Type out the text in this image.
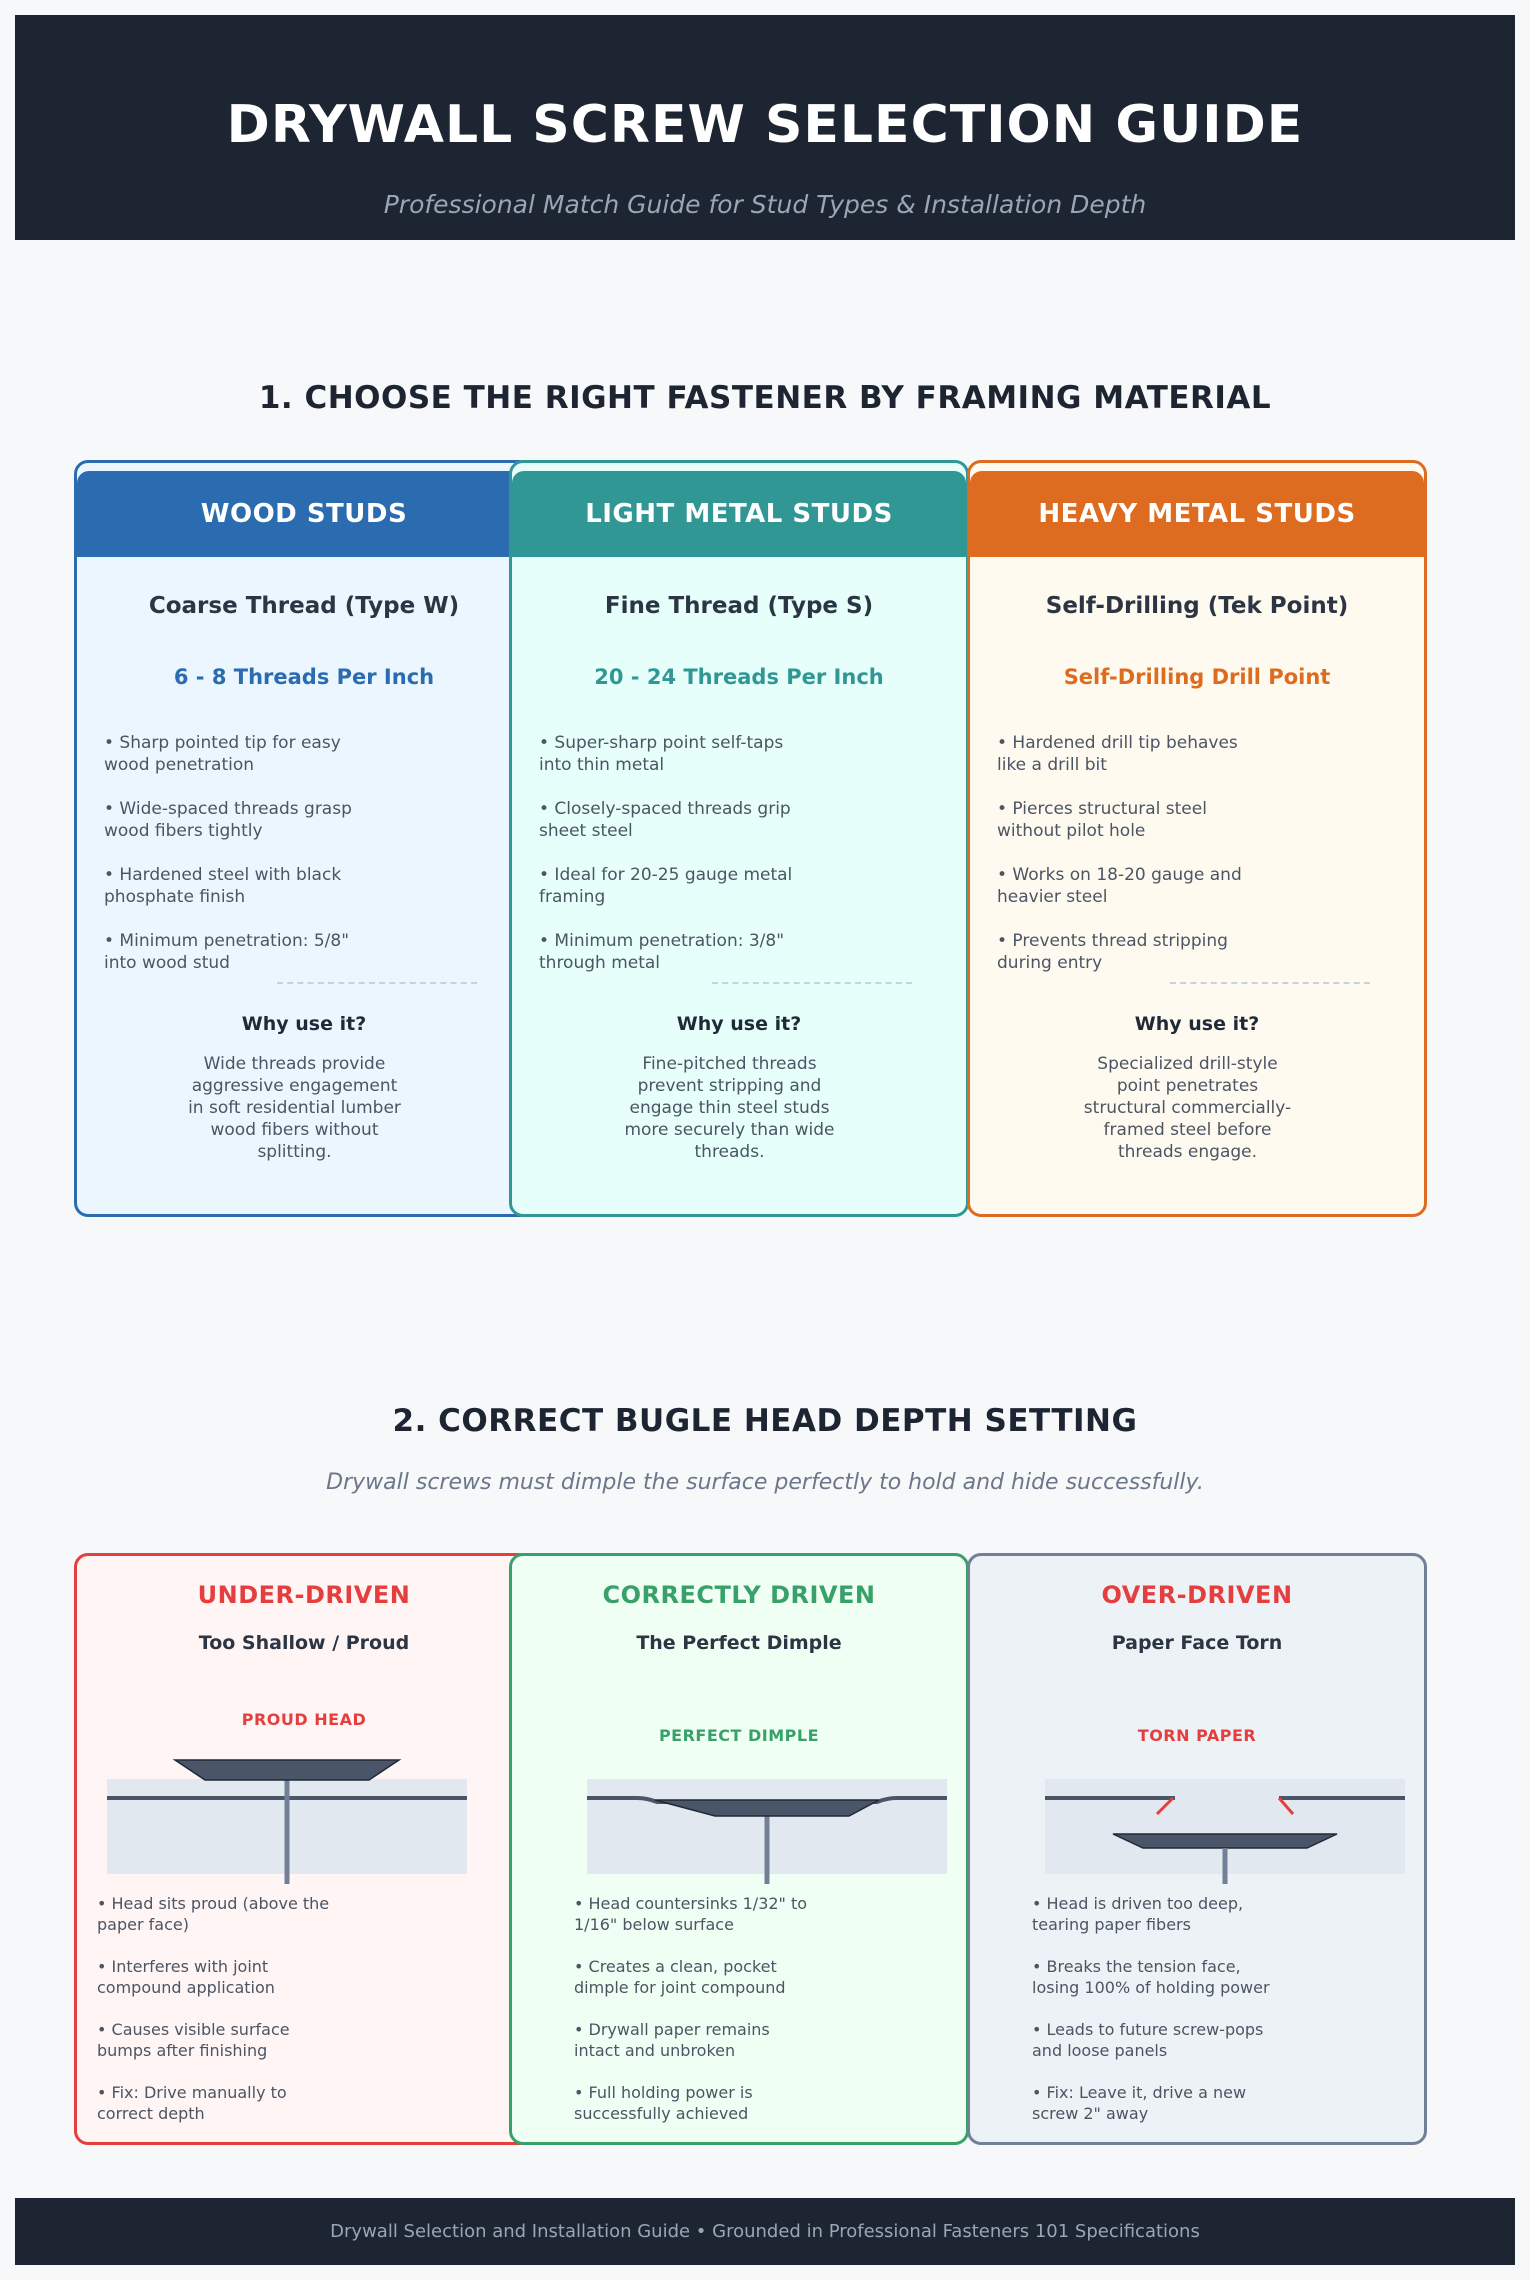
DRYWALL SCREW SELECTION GUIDE
Professional Match Guide for Stud Types & Installation Depth
1. CHOOSE THE RIGHT FASTENER BY FRAMING MATERIAL
WOOD STUDS
Coarse Thread (Type W)
6 - 8 Threads Per Inch
• Sharp pointed tip for easy wood penetration
• Wide-spaced threads grasp wood fibers tightly
• Hardened steel with black phosphate finish
• Minimum penetration: 5/8" into wood stud
Why use it?
Wide threads provide aggressive engagement in soft residential lumber wood fibers without splitting.
LIGHT METAL STUDS
Fine Thread (Type S)
20 - 24 Threads Per Inch
• Super-sharp point self-taps into thin metal
• Closely-spaced threads grip sheet steel
• Ideal for 20-25 gauge metal framing
• Minimum penetration: 3/8" through metal
Why use it?
Fine-pitched threads prevent stripping and engage thin steel studs more securely than wide threads.
HEAVY METAL STUDS
Self-Drilling (Tek Point)
Self-Drilling Drill Point
• Hardened drill tip behaves like a drill bit
• Pierces structural steel without pilot hole
• Works on 18-20 gauge and heavier steel
• Prevents thread stripping during entry
Why use it?
Specialized drill-style point penetrates structural commercially-framed steel before threads engage.
2. CORRECT BUGLE HEAD DEPTH SETTING
Drywall screws must dimple the surface perfectly to hold and hide successfully.
UNDER-DRIVEN
Too Shallow / Proud
PROUD HEAD
• Head sits proud (above the paper face)
• Interferes with joint compound application
• Causes visible surface bumps after finishing
• Fix: Drive manually to correct depth
CORRECTLY DRIVEN
The Perfect Dimple
PERFECT DIMPLE
• Head countersinks 1/32" to 1/16" below surface
• Creates a clean, pocket dimple for joint compound
• Drywall paper remains intact and unbroken
• Full holding power is successfully achieved
OVER-DRIVEN
Paper Face Torn
TORN PAPER
• Head is driven too deep, tearing paper fibers
• Breaks the tension face, losing 100% of holding power
• Leads to future screw-pops and loose panels
• Fix: Leave it, drive a new screw 2" away
Drywall Selection and Installation Guide • Grounded in Professional Fasteners 101 Specifications
